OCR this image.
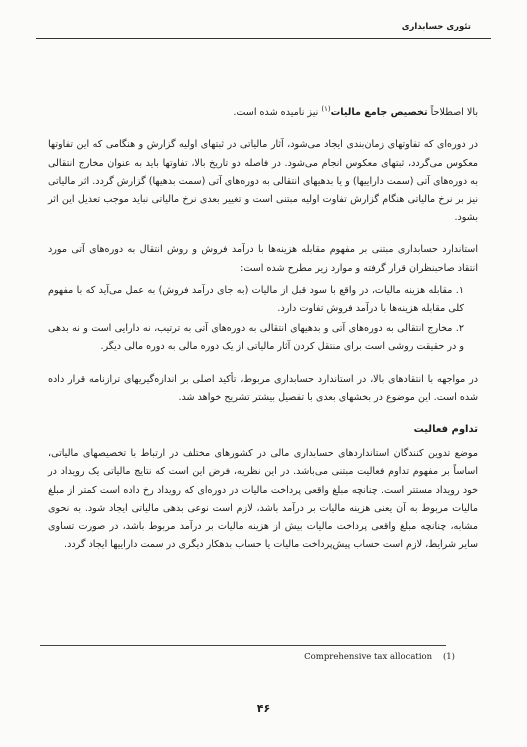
تئوری حسابداری

بالا اصطلاحاً تخصیص جامع مالیات$^{(۱)}$ نیز نامیده شده است.

در دوره‌ای که تفاوتهای زمان‌بندی ایجاد می‌شود، آثار مالیاتی در ثبتهای اولیه گزارش و هنگامی که این تفاوتها معکوس می‌گردد، ثبتهای معکوس انجام می‌شود. در فاصله دو تاریخ بالا، تفاوتها باید به عنوان مخارج انتقالی به دوره‌های آتی (سمت داراییها) و یا بدهیهای انتقالی به دوره‌های آتی (سمت بدهیها) گزارش گردد. اثر مالیاتی نیز بر نرخ مالیاتی هنگام گزارش تفاوت اولیه مبتنی است و تغییر بعدی نرخ مالیاتی نباید موجب تعدیل این اثر بشود.

استاندارد حسابداری مبتنی بر مفهوم مقابله هزینه‌ها با درآمد فروش و روش انتقال به دوره‌های آتی مورد انتقاد صاحبنظران قرار گرفته و موارد زیر مطرح شده است:

۱. مقابله هزینه مالیات، در واقع با سود قبل از مالیات (به جای درآمد فروش) به عمل می‌آید که با مفهوم کلی مقابله هزینه‌ها با درآمد فروش تفاوت دارد.
۲. مخارج انتقالی به دوره‌های آتی و بدهیهای انتقالی به دوره‌های آتی به ترتیب، نه دارایی است و نه بدهی و در حقیقت روشی است برای منتقل کردن آثار مالیاتی از یک دوره مالی به دوره مالی دیگر.

در مواجهه با انتقادهای بالا، در استاندارد حسابداری مربوط، تأکید اصلی بر اندازه‌گیریهای ترازنامه قرار داده شده است. این موضوع در بخشهای بعدی با تفصیل بیشتر تشریح خواهد شد.

تداوم فعالیت

موضع تدوین کنندگان استانداردهای حسابداری مالی در کشورهای مختلف در ارتباط با تخصیصهای مالیاتی، اساساً بر مفهوم تداوم فعالیت مبتنی می‌باشد. در این نظریه، فرض این است که نتایج مالیاتی یک رویداد در خود رویداد مستتر است. چنانچه مبلغ واقعی پرداخت مالیات در دوره‌ای که رویداد رخ داده است کمتر از مبلغ مالیات مربوط به آن یعنی هزینه مالیات بر درآمد باشد، لازم است نوعی بدهی مالیاتی ایجاد شود. به نحوی مشابه، چنانچه مبلغ واقعی پرداخت مالیات بیش از هزینه مالیات بر درآمد مربوط باشد، در صورت تساوی سایر شرایط، لازم است حساب پیش‌پرداخت مالیات یا حساب بدهکار دیگری در سمت داراییها ایجاد گردد.

Comprehensive tax allocation (1)
۴۶
